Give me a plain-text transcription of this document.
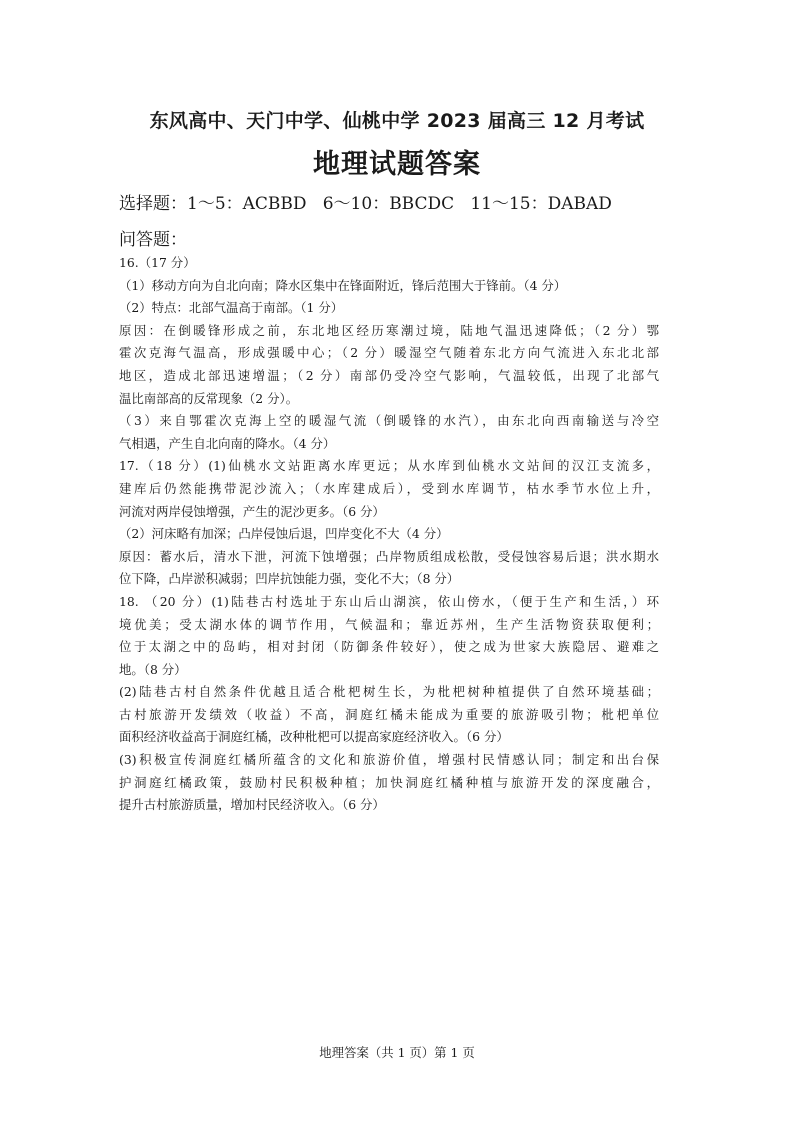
东风高中、天门中学、仙桃中学 2023 届高三 12 月考试
地理试题答案
选择题：1～5：ACBBD   6～10：BBCDC   11～15：DABAD
问答题：
16.（17 分）
（1）移动方向为自北向南；降水区集中在锋面附近，锋后范围大于锋前。（4 分）
（2）特点：北部气温高于南部。（1 分）
原因：在倒暖锋形成之前，东北地区经历寒潮过境，陆地气温迅速降低；（2 分）鄂
霍次克海气温高，形成强暖中心；（2 分）暖湿空气随着东北方向气流进入东北北部
地区，造成北部迅速增温；（2 分）南部仍受冷空气影响，气温较低，出现了北部气
温比南部高的反常现象（2 分）。
（3）来自鄂霍次克海上空的暖湿气流（倒暖锋的水汽），由东北向西南输送与冷空
气相遇，产生自北向南的降水。（4 分）
17.（18 分）(1)仙桃水文站距离水库更远；从水库到仙桃水文站间的汉江支流多，
建库后仍然能携带泥沙流入；（水库建成后），受到水库调节，枯水季节水位上升，
河流对两岸侵蚀增强，产生的泥沙更多。（6 分）
（2）河床略有加深；凸岸侵蚀后退，凹岸变化不大（4 分）
原因：蓄水后，清水下泄，河流下蚀增强；凸岸物质组成松散，受侵蚀容易后退；洪水期水
位下降，凸岸淤积减弱；凹岸抗蚀能力强，变化不大；（8 分）
18. （20 分）(1)陆巷古村选址于东山后山湖滨，依山傍水，（便于生产和生活，）环
境优美；受太湖水体的调节作用，气候温和；靠近苏州，生产生活物资获取便利；
位于太湖之中的岛屿，相对封闭（防御条件较好），使之成为世家大族隐居、避难之
地。（8 分）
(2)陆巷古村自然条件优越且适合枇杷树生长，为枇杷树种植提供了自然环境基础；
古村旅游开发绩效（收益）不高，洞庭红橘未能成为重要的旅游吸引物；枇杷单位
面积经济收益高于洞庭红橘，改种枇杷可以提高家庭经济收入。（6 分）
(3)积极宣传洞庭红橘所蕴含的文化和旅游价值，增强村民情感认同；制定和出台保
护洞庭红橘政策，鼓励村民积极种植；加快洞庭红橘种植与旅游开发的深度融合，
提升古村旅游质量，增加村民经济收入。（6 分）
地理答案（共 1 页）第 1 页
